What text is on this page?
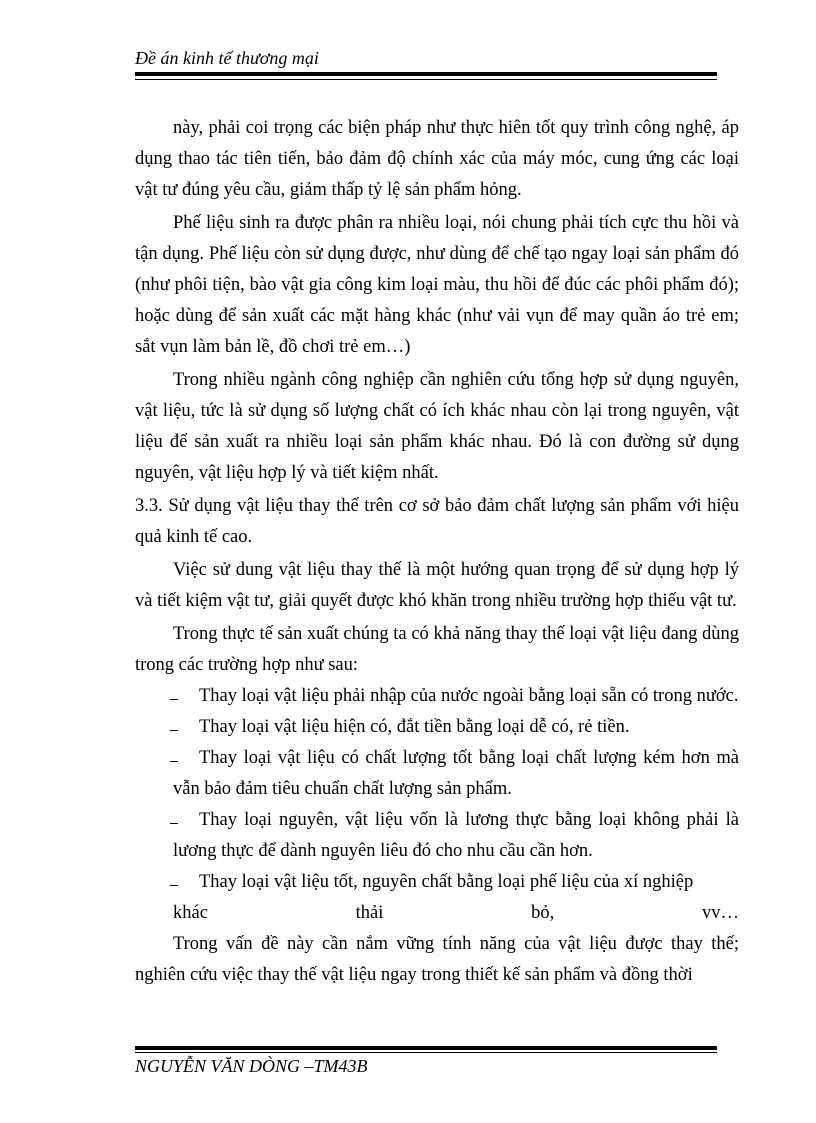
Đề án kinh tế thương mại

này, phải coi trọng các biện pháp như thực hiên tốt quy trình công nghệ, áp dụng thao tác tiên tiến, bảo đảm độ chính xác của máy móc, cung ứng các loại vật tư đúng yêu cầu, giảm thấp tỷ lệ sản phẩm hỏng.

Phế liệu sinh ra được phân ra nhiều loại, nói chung phải tích cực thu hồi và tận dụng. Phế liệu còn sử dụng được, như dùng để chế tạo ngay loại sản phẩm đó (như phôi tiện, bào vật gia công kim loại màu, thu hồi để đúc các phôi phẩm đó); hoặc dùng để sản xuất các mặt hàng khác (như vải vụn để may quần áo trẻ em; sắt vụn làm bản lề, đồ chơi trẻ em…)

Trong nhiều ngành công nghiệp cần nghiên cứu tổng hợp sử dụng nguyên, vật liệu, tức là sử dụng số lượng chất có ích khác nhau còn lại trong nguyên, vật liệu để sản xuất ra nhiều loại sản phẩm khác nhau. Đó là con đường sử dụng nguyên, vật liệu hợp lý và tiết kiệm nhất.

3.3. Sử dụng vật liệu thay thế trên cơ sở bảo đảm chất lượng sản phẩm với hiệu quả kinh tế cao.

Việc sử dung vật liệu thay thế là một hướng quan trọng để sử dụng hợp lý và tiết kiệm vật tư, giải quyết được khó khăn trong nhiều trường hợp thiếu vật tư.

Trong thực tế sản xuất chúng ta có khả năng thay thế loại vật liệu đang dùng trong các trường hợp như sau:

Thay loại vật liệu phải nhập của nước ngoài bằng loại sẵn có trong nước.
Thay loại vật liệu hiện có, đắt tiền bằng loại dễ có, rẻ tiền.
Thay loại vật liệu có chất lượng tốt bằng loại chất lượng kém hơn mà vẫn bảo đảm tiêu chuẩn chất lượng sản phẩm.
Thay loại nguyên, vật liệu vốn là lương thực bằng loại không phải là lương thực để dành nguyên liêu đó cho nhu cầu cần hơn.
Thay loại vật liệu tốt, nguyên chất bằng loại phế liệu của xí nghiệp
khác	thải	bỏ,	vv…

Trong vấn đề này cần nắm vững tính năng của vật liệu được thay thế; nghiên cứu việc thay thế vật liệu ngay trong thiết kế sản phẩm và đồng thời

NGUYỄN VĂN DÒNG –TM43B
